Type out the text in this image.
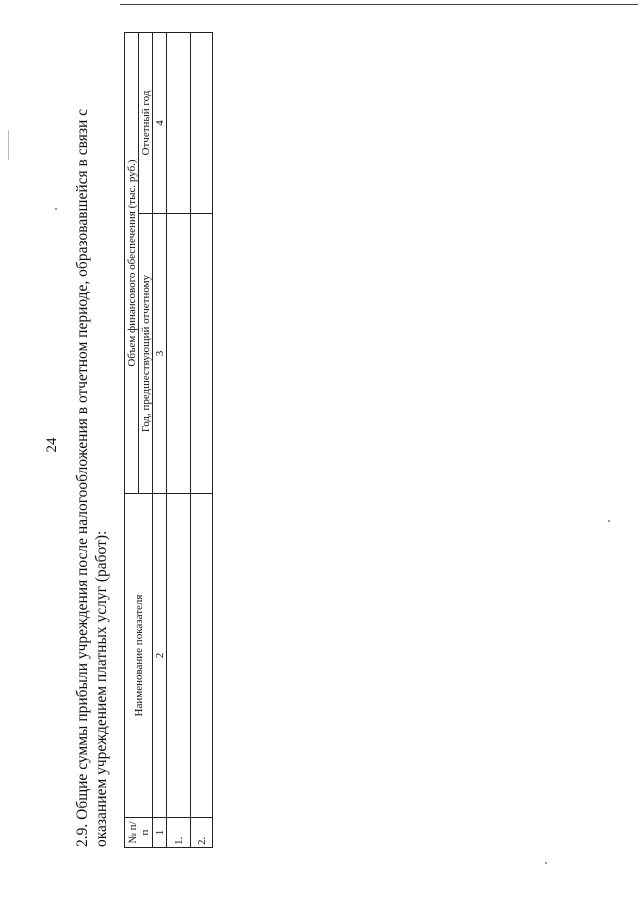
24 2.9. Общие суммы прибыли учреждения после налогообложения в отчетном периоде, образовавшейся в связи с оказанием учреждением платных услуг (работ): № п/п	Наименование показателя	Объем финансового обеспечения (тыс. руб.)	
		Год, предшествующий отчетному	Отчетный год
1	2	3	4
1.			
2.			
